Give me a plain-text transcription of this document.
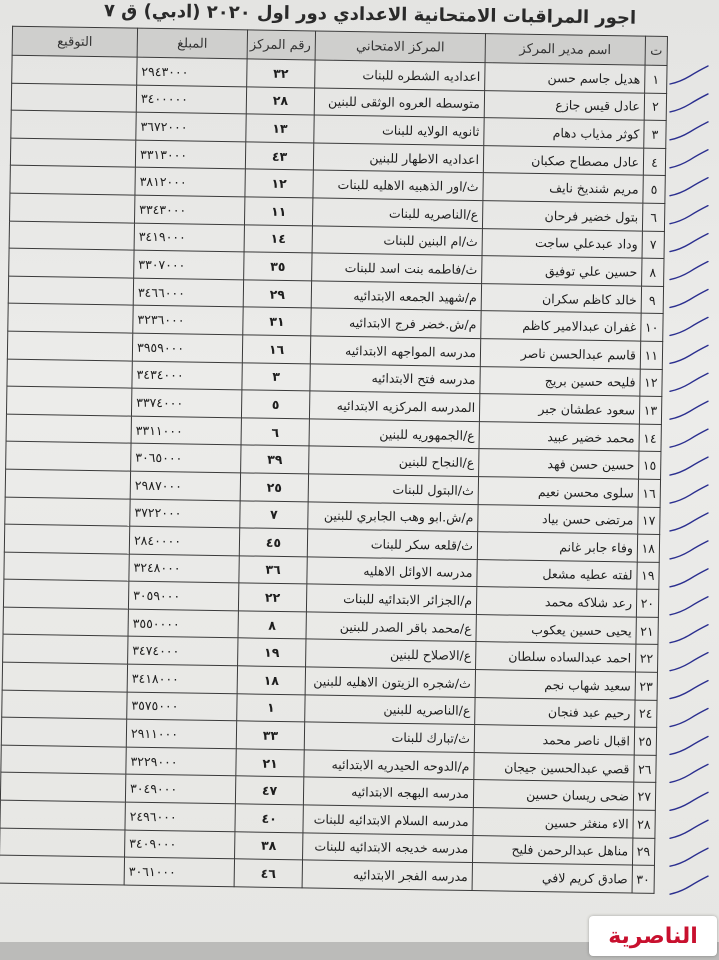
اجور المراقبات الامتحانية الاعدادي دور اول ٢٠٢٠ (ادبي) ق ٧
ت	اسم مدير المركز	المركز الامتحاني	رقم المركز	المبلغ	التوقيع
١	هديل جاسم حسن	اعداديه الشطره للبنات	٣٢	٢٩٤٣٠٠٠	
٢	عادل قيس جازع	متوسطه العروه الوثقى للبنين	٢٨	٣٤٠٠٠٠٠	
٣	كوثر مذياب دهام	ثانويه الولايه للبنات	١٣	٣٦٧٢٠٠٠	
٤	عادل مصطاح صكبان	اعداديه الاطهار للبنين	٤٣	٣٣١٣٠٠٠	
٥	مريم شنديخ نايف	ث/اور الذهبيه الاهليه للبنات	١٢	٣٨١٢٠٠٠	
٦	بتول خضير فرحان	ع/الناصريه للبنات	١١	٣٣٤٣٠٠٠	
٧	وداد عبدعلي ساجت	ث/ام البنين للبنات	١٤	٣٤١٩٠٠٠	
٨	حسين علي توفيق	ث/فاطمه بنت اسد للبنات	٣٥	٣٣٠٧٠٠٠	
٩	خالد كاظم سكران	م/شهيد الجمعه الابتدائيه	٢٩	٣٤٦٦٠٠٠	
١٠	غفران عبدالامير كاظم	م/ش.خضر فرج الابتدائيه	٣١	٣٢٣٦٠٠٠	
١١	قاسم عبدالحسن ناصر	مدرسه المواجهه الابتدائيه	١٦	٣٩٥٩٠٠٠	
١٢	فليحه حسين بريج	مدرسه فتح الابتدائيه	٣	٣٤٣٤٠٠٠	
١٣	سعود عطشان جبر	المدرسه المركزيه الابتدائيه	٥	٣٣٧٤٠٠٠	
١٤	محمد خضير عبيد	ع/الجمهوريه للبنين	٦	٣٣١١٠٠٠	
١٥	حسين حسن فهد	ع/النجاح للبنين	٣٩	٣٠٦٥٠٠٠	
١٦	سلوى محسن نعيم	ث/البتول للبنات	٢٥	٢٩٨٧٠٠٠	
١٧	مرتضى حسن بياد	م/ش.ابو وهب الجابري للبنين	٧	٣٧٢٢٠٠٠	
١٨	وفاء جابر غانم	ث/قلعه سكر للبنات	٤٥	٢٨٤٠٠٠٠	
١٩	لفته عطيه مشعل	مدرسه الاوائل الاهليه	٣٦	٣٢٤٨٠٠٠	
٢٠	رعد شلاكه محمد	م/الجزائر الابتدائيه للبنات	٢٢	٣٠٥٩٠٠٠	
٢١	يحيى حسين يعكوب	ع/محمد باقر الصدر للبنين	٨	٣٥٥٠٠٠٠	
٢٢	احمد عبدالساده سلطان	ع/الاصلاح للبنين	١٩	٣٤٧٤٠٠٠	
٢٣	سعيد شهاب نجم	ث/شجره الزيتون الاهليه للبنين	١٨	٣٤١٨٠٠٠	
٢٤	رحيم عبد فنجان	ع/الناصريه للبنين	١	٣٥٧٥٠٠٠	
٢٥	اقبال ناصر محمد	ث/تبارك للبنات	٣٣	٢٩١١٠٠٠	
٢٦	قصي عبدالحسين جيجان	م/الدوحه الحيدريه الابتدائيه	٢١	٣٢٢٩٠٠٠	
٢٧	ضحى ريسان حسين	مدرسه البهجه الابتدائيه	٤٧	٣٠٤٩٠٠٠	
٢٨	الاء منغثر حسين	مدرسه السلام الابتدائيه للبنات	٤٠	٢٤٩٦٠٠٠	
٢٩	مناهل عبدالرحمن فليح	مدرسه خديجه الابتدائيه للبنات	٣٨	٣٤٠٩٠٠٠	
٣٠	صادق كريم لافي	مدرسه الفجر الابتدائيه	٤٦	٣٠٦١٠٠٠	
الناصرية
